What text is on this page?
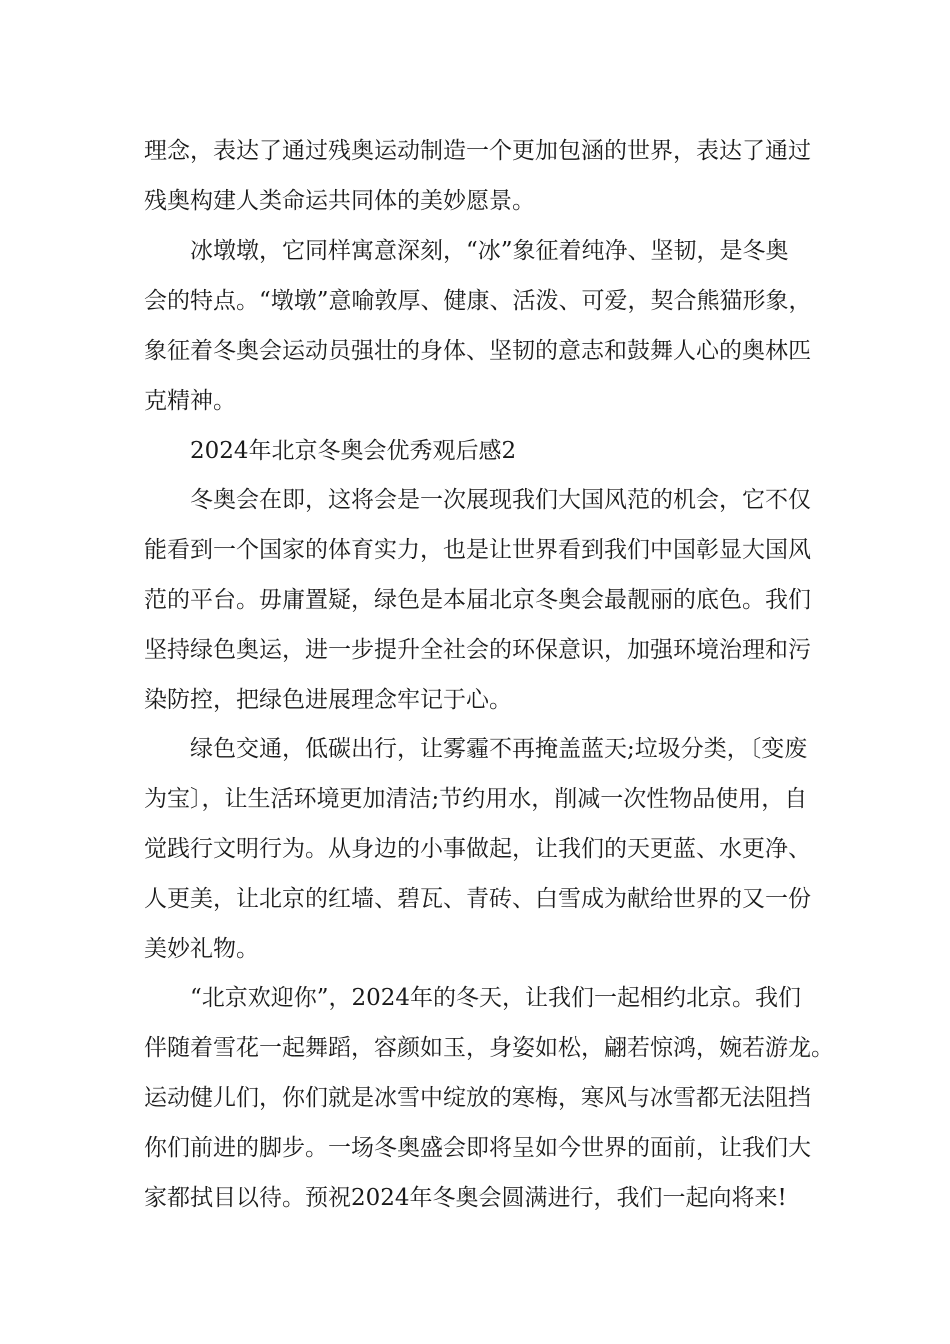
理念，表达了通过残奥运动制造一个更加包涵的世界，表达了通过
残奥构建人类命运共同体的美妙愿景。
冰墩墩，它同样寓意深刻，“冰”象征着纯净、坚韧，是冬奥
会的特点。“墩墩”意喻敦厚、健康、活泼、可爱，契合熊猫形象，
象征着冬奥会运动员强壮的身体、坚韧的意志和鼓舞人心的奥林匹
克精神。
2024年北京冬奥会优秀观后感2
冬奥会在即，这将会是一次展现我们大国风范的机会，它不仅
能看到一个国家的体育实力，也是让世界看到我们中国彰显大国风
范的平台。毋庸置疑，绿色是本届北京冬奥会最靓丽的底色。我们
坚持绿色奥运，进一步提升全社会的环保意识，加强环境治理和污
染防控，把绿色进展理念牢记于心。
绿色交通，低碳出行，让雾霾不再掩盖蓝天;垃圾分类，〔变废
为宝〕，让生活环境更加清洁;节约用水，削减一次性物品使用，自
觉践行文明行为。从身边的小事做起，让我们的天更蓝、水更净、
人更美，让北京的红墙、碧瓦、青砖、白雪成为献给世界的又一份
美妙礼物。
“北京欢迎你”，2024年的冬天，让我们一起相约北京。我们
伴随着雪花一起舞蹈，容颜如玉，身姿如松，翩若惊鸿，婉若游龙。
运动健儿们，你们就是冰雪中绽放的寒梅，寒风与冰雪都无法阻挡
你们前进的脚步。一场冬奥盛会即将呈如今世界的面前，让我们大
家都拭目以待。预祝2024年冬奥会圆满进行，我们一起向将来!
